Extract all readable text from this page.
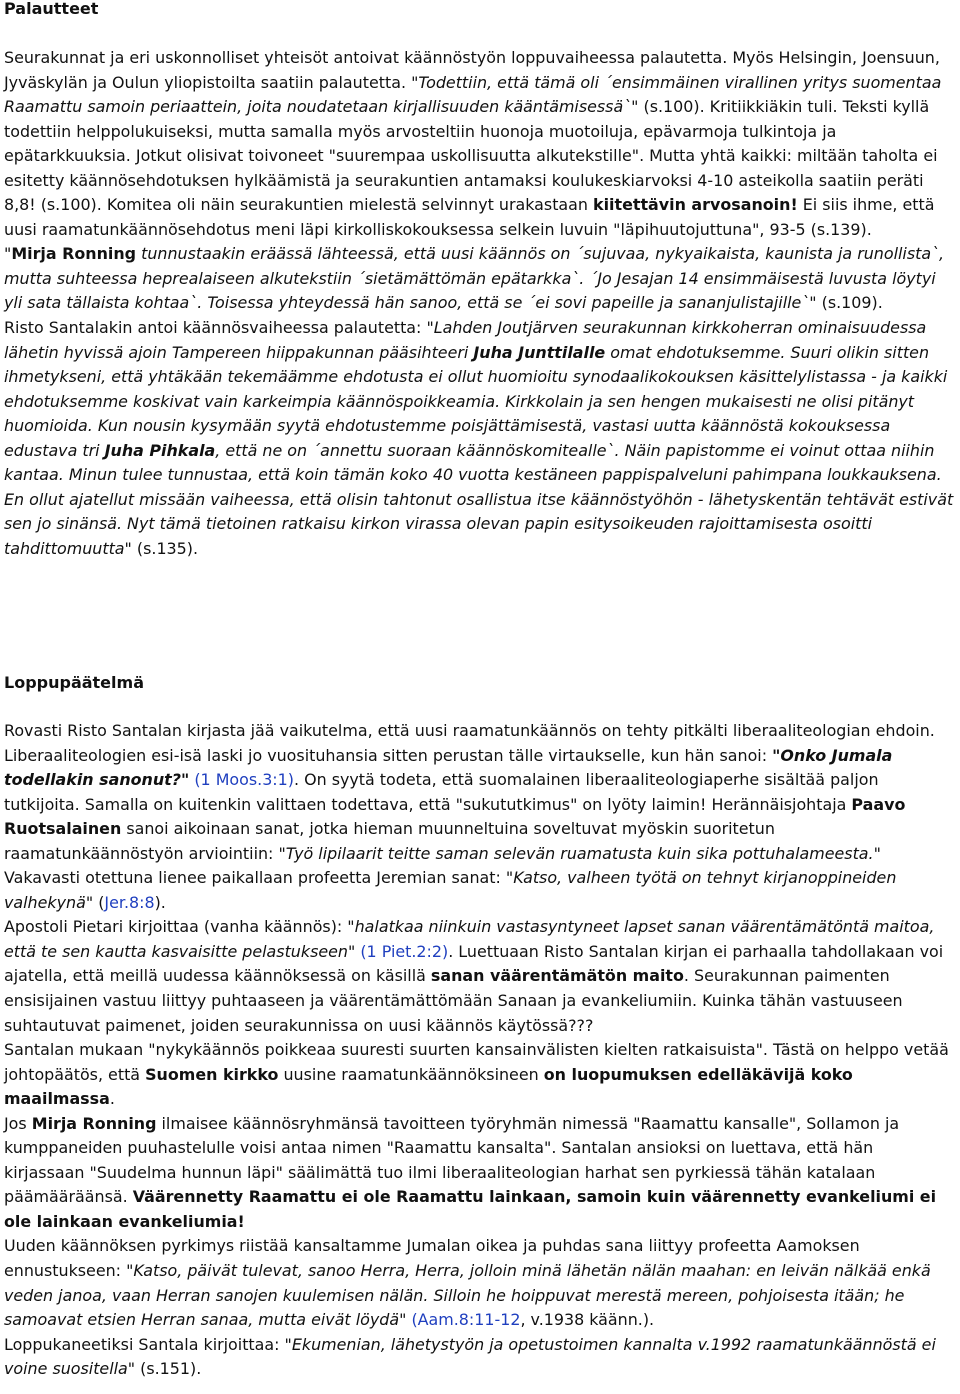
Palautteet
Seurakunnat ja eri uskonnolliset yhteisöt antoivat käännöstyön loppuvaiheessa palautetta. Myös Helsingin, Joensuun, Jyväskylän ja Oulun yliopistoilta saatiin palautetta. "Todettiin, että tämä oli ´ensimmäinen virallinen yritys suomentaa Raamattu samoin periaattein, joita noudatetaan kirjallisuuden kääntämisessä`" (s.100). Kritiikkiäkin tuli. Teksti kyllä todettiin helppolukuiseksi, mutta samalla myös arvosteltiin huonoja muotoiluja, epävarmoja tulkintoja ja epätarkkuuksia. Jotkut olisivat toivoneet "suurempaa uskollisuutta alkutekstille". Mutta yhtä kaikki: miltään taholta ei esitetty käännösehdotuksen hylkäämistä ja seurakuntien antamaksi koulukeskiarvoksi 4-10 asteikolla saatiin peräti 8,8! (s.100). Komitea oli näin seurakuntien mielestä selvinnyt urakastaan kiitettävin arvosanoin! Ei siis ihme, että uusi raamatunkäännösehdotus meni läpi kirkolliskokouksessa selkein luvuin "läpihuutojuttuna", 93-5 (s.139).
"Mirja Ronning tunnustaakin eräässä lähteessä, että uusi käännös on ´sujuvaa, nykyaikaista, kaunista ja runollista`, mutta suhteessa heprealaiseen alkutekstiin ´sietämättömän epätarkka`. ´Jo Jesajan 14 ensimmäisestä luvusta löytyi yli sata tällaista kohtaa`. Toisessa yhteydessä hän sanoo, että se ´ei sovi papeille ja sananjulistajille`" (s.109).
Risto Santalakin antoi käännösvaiheessa palautetta: "Lahden Joutjärven seurakunnan kirkkoherran ominaisuudessa lähetin hyvissä ajoin Tampereen hiippakunnan pääsihteeri Juha Junttilalle omat ehdotuksemme. Suuri olikin sitten ihmetykseni, että yhtäkään tekemäämme ehdotusta ei ollut huomioitu synodaalikokouksen käsittelylistassa - ja kaikki ehdotuksemme koskivat vain karkeimpia käännöspoikkeamia. Kirkkolain ja sen hengen mukaisesti ne olisi pitänyt huomioida. Kun nousin kysymään syytä ehdotustemme poisjättämisestä, vastasi uutta käännöstä kokouksessa edustava tri Juha Pihkala, että ne on ´annettu suoraan käännöskomitealle`. Näin papistomme ei voinut ottaa niihin kantaa. Minun tulee tunnustaa, että koin tämän koko 40 vuotta kestäneen pappispalveluni pahimpana loukkauksena. En ollut ajatellut missään vaiheessa, että olisin tahtonut osallistua itse käännöstyöhön - lähetyskentän tehtävät estivät sen jo sinänsä. Nyt tämä tietoinen ratkaisu kirkon virassa olevan papin esitysoikeuden rajoittamisesta osoitti tahdittomuutta" (s.135).
Loppupäätelmä
Rovasti Risto Santalan kirjasta jää vaikutelma, että uusi raamatunkäännös on tehty pitkälti liberaaliteologian ehdoin. Liberaaliteologien esi-isä laski jo vuosituhansia sitten perustan tälle virtaukselle, kun hän sanoi: "Onko Jumala todellakin sanonut?" (1 Moos.3:1). On syytä todeta, että suomalainen liberaaliteologiaperhe sisältää paljon tutkijoita. Samalla on kuitenkin valittaen todettava, että "sukututkimus" on lyöty laimin! Herännäisjohtaja Paavo Ruotsalainen sanoi aikoinaan sanat, jotka hieman muunneltuina soveltuvat myöskin suoritetun raamatunkäännöstyön arviointiin: "Työ lipilaarit teitte saman selevän ruamatusta kuin sika pottuhalameesta."
Vakavasti otettuna lienee paikallaan profeetta Jeremian sanat: "Katso, valheen työtä on tehnyt kirjanoppineiden valhekynä" (Jer.8:8).
Apostoli Pietari kirjoittaa (vanha käännös): "halatkaa niinkuin vastasyntyneet lapset sanan väärentämätöntä maitoa, että te sen kautta kasvaisitte pelastukseen" (1 Piet.2:2). Luettuaan Risto Santalan kirjan ei parhaalla tahdollakaan voi ajatella, että meillä uudessa käännöksessä on käsillä sanan väärentämätön maito. Seurakunnan paimenten ensisijainen vastuu liittyy puhtaaseen ja väärentämättömään Sanaan ja evankeliumiin. Kuinka tähän vastuuseen suhtautuvat paimenet, joiden seurakunnissa on uusi käännös käytössä???
Santalan mukaan "nykykäännös poikkeaa suuresti suurten kansainvälisten kielten ratkaisuista". Tästä on helppo vetää johtopäätös, että Suomen kirkko uusine raamatunkäännöksineen on luopumuksen edelläkävijä koko maailmassa.
Jos Mirja Ronning ilmaisee käännösryhmänsä tavoitteen työryhmän nimessä "Raamattu kansalle", Sollamon ja kumppaneiden puuhastelulle voisi antaa nimen "Raamattu kansalta". Santalan ansioksi on luettava, että hän kirjassaan "Suudelma hunnun läpi" säälimättä tuo ilmi liberaaliteologian harhat sen pyrkiessä tähän katalaan päämääräänsä. Väärennetty Raamattu ei ole Raamattu lainkaan, samoin kuin väärennetty evankeliumi ei ole lainkaan evankeliumia!
Uuden käännöksen pyrkimys riistää kansaltamme Jumalan oikea ja puhdas sana liittyy profeetta Aamoksen ennustukseen: "Katso, päivät tulevat, sanoo Herra, Herra, jolloin minä lähetän nälän maahan: en leivän nälkää enkä veden janoa, vaan Herran sanojen kuulemisen nälän. Silloin he hoippuvat merestä mereen, pohjoisesta itään; he samoavat etsien Herran sanaa, mutta eivät löydä" (Aam.8:11-12, v.1938 käänn.).
Loppukaneetiksi Santala kirjoittaa: "Ekumenian, lähetystyön ja opetustoimen kannalta v.1992 raamatunkäännöstä ei voine suositella" (s.151).
